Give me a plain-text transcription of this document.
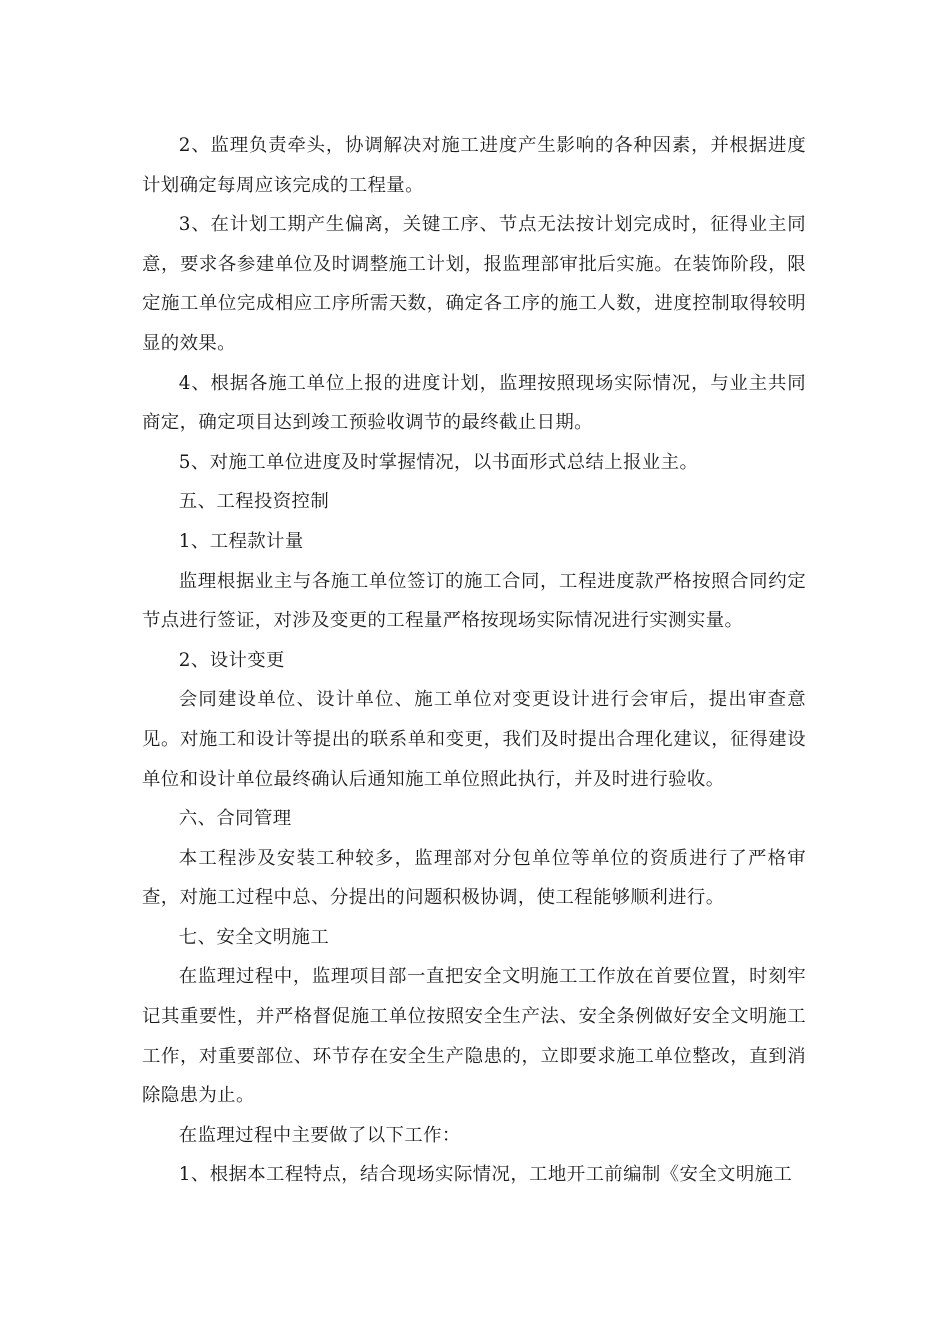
2、监理负责牵头，协调解决对施工进度产生影响的各种因素，并根据进度计划确定每周应该完成的工程量。

3、在计划工期产生偏离，关键工序、节点无法按计划完成时，征得业主同意，要求各参建单位及时调整施工计划，报监理部审批后实施。在装饰阶段，限定施工单位完成相应工序所需天数，确定各工序的施工人数，进度控制取得较明显的效果。

4、根据各施工单位上报的进度计划，监理按照现场实际情况，与业主共同商定，确定项目达到竣工预验收调节的最终截止日期。

5、对施工单位进度及时掌握情况，以书面形式总结上报业主。

五、工程投资控制

1、工程款计量

监理根据业主与各施工单位签订的施工合同，工程进度款严格按照合同约定节点进行签证，对涉及变更的工程量严格按现场实际情况进行实测实量。

2、设计变更

会同建设单位、设计单位、施工单位对变更设计进行会审后，提出审查意见。对施工和设计等提出的联系单和变更，我们及时提出合理化建议，征得建设单位和设计单位最终确认后通知施工单位照此执行，并及时进行验收。

六、合同管理

本工程涉及安装工种较多，监理部对分包单位等单位的资质进行了严格审查，对施工过程中总、分提出的问题积极协调，使工程能够顺利进行。

七、安全文明施工

在监理过程中，监理项目部一直把安全文明施工工作放在首要位置，时刻牢记其重要性，并严格督促施工单位按照安全生产法、安全条例做好安全文明施工工作，对重要部位、环节存在安全生产隐患的，立即要求施工单位整改，直到消除隐患为止。

在监理过程中主要做了以下工作：

1、根据本工程特点，结合现场实际情况，工地开工前编制《安全文明施工
